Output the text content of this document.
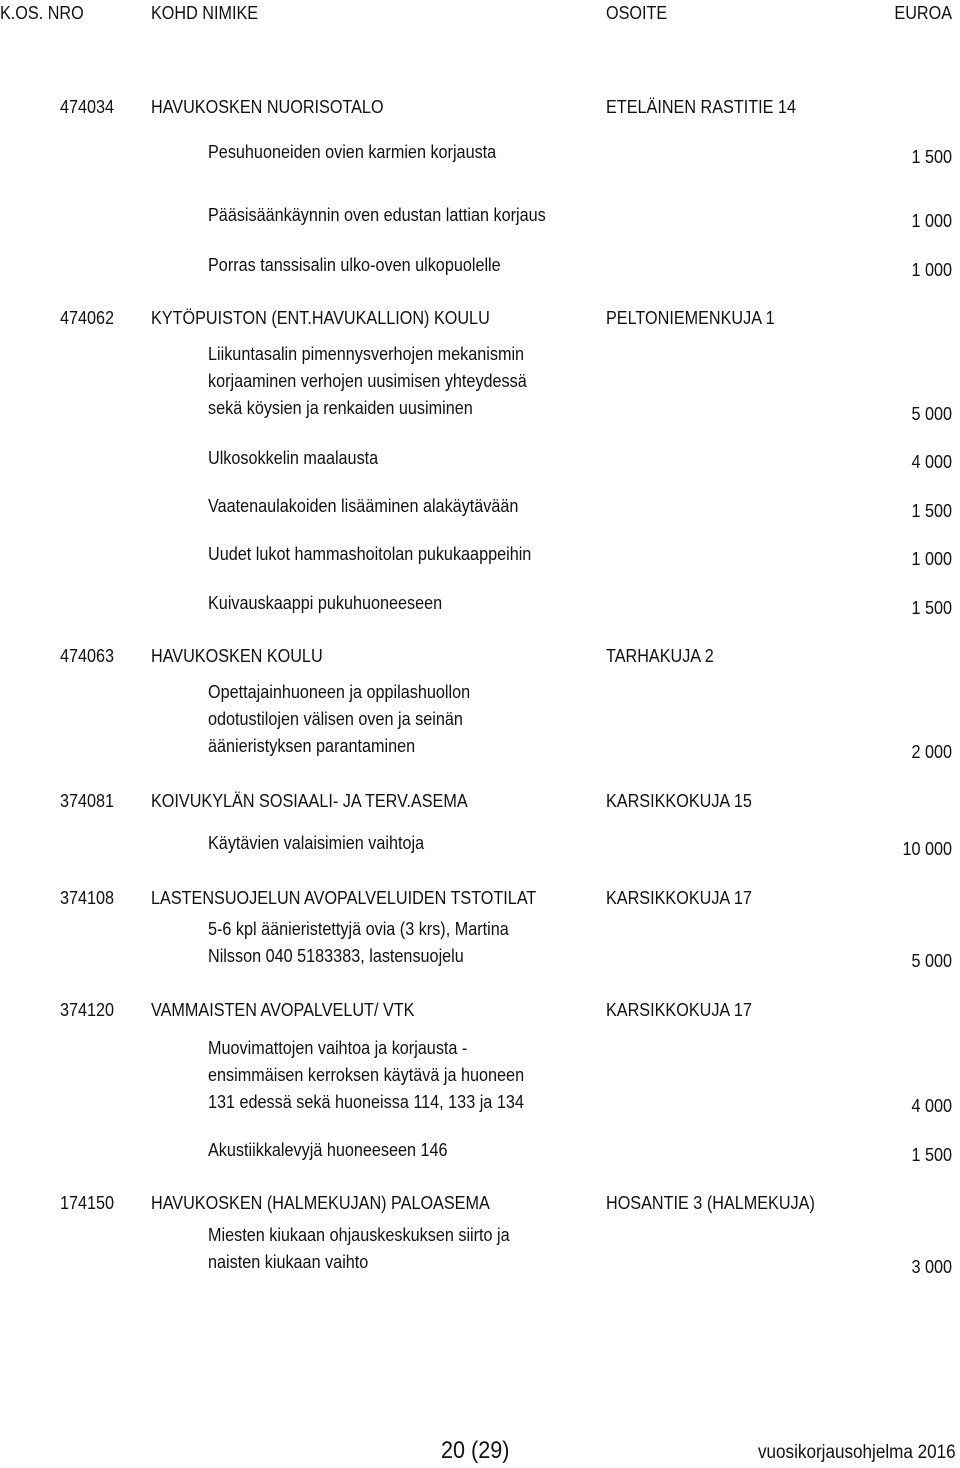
K.OS. NRO	KOHD NIMIKE	OSOITE	EUROA
474034 HAVUKOSKEN NUORISOTALO	ETELÄINEN RASTITIE 14
Pesuhuoneiden ovien karmien korjausta	1 500
Pääsisäänkäynnin oven edustan lattian korjaus	1 000
Porras tanssisalin ulko-oven ulkopuolelle	1 000
474062 KYTÖPUISTON (ENT.HAVUKALLION) KOULU	PELTONIEMENKUJA 1
Liikuntasalin pimennysverhojen mekanismin
korjaaminen verhojen uusimisen yhteydessä
sekä köysien ja renkaiden uusiminen	5 000
Ulkosokkelin maalausta	4 000
Vaatenaulakoiden lisääminen alakäytävään	1 500
Uudet lukot hammashoitolan pukukaappeihin	1 000
Kuivauskaappi pukuhuoneeseen	1 500
474063 HAVUKOSKEN KOULU	TARHAKUJA 2
Opettajainhuoneen ja oppilashuollon
odotustilojen välisen oven ja seinän
äänieristyksen parantaminen	2 000
374081 KOIVUKYLÄN SOSIAALI- JA TERV.ASEMA	KARSIKKOKUJA 15
Käytävien valaisimien vaihtoja	10 000
374108 LASTENSUOJELUN AVOPALVELUIDEN TSTOTILAT	KARSIKKOKUJA 17
5-6 kpl äänieristettyjä ovia (3 krs), Martina
Nilsson 040 5183383, lastensuojelu	5 000
374120 VAMMAISTEN AVOPALVELUT/ VTK	KARSIKKOKUJA 17
Muovimattojen vaihtoa ja korjausta -
ensimmäisen kerroksen käytävä ja huoneen
131 edessä sekä huoneissa 114, 133 ja 134	4 000
Akustiikkalevyjä huoneeseen 146	1 500
174150 HAVUKOSKEN (HALMEKUJAN) PALOASEMA	HOSANTIE 3 (HALMEKUJA)
Miesten kiukaan ohjauskeskuksen siirto ja
naisten kiukaan vaihto	3 000
20 (29)	vuosikorjausohjelma 2016
